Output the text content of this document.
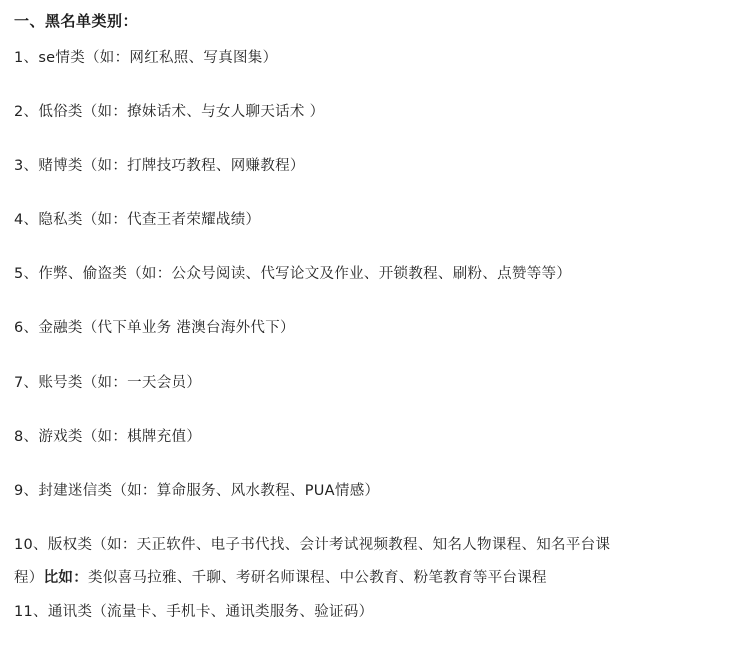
一、黑名单类别：
1、se情类（如：网红私照、写真图集）
2、低俗类（如：撩妹话术、与女人聊天话术 ）
3、赌博类（如：打牌技巧教程、网赚教程）
4、隐私类（如：代查王者荣耀战绩）
5、作弊、偷盗类（如：公众号阅读、代写论文及作业、开锁教程、刷粉、点赞等等）
6、金融类（代下单业务 港澳台海外代下）
7、账号类（如：一天会员）
8、游戏类（如：棋牌充值）
9、封建迷信类（如：算命服务、风水教程、PUA情感）
10、版权类（如：天正软件、电子书代找、会计考试视频教程、知名人物课程、知名平台课
程）比如：类似喜马拉雅、千聊、考研名师课程、中公教育、粉笔教育等平台课程
11、通讯类（流量卡、手机卡、通讯类服务、验证码）
